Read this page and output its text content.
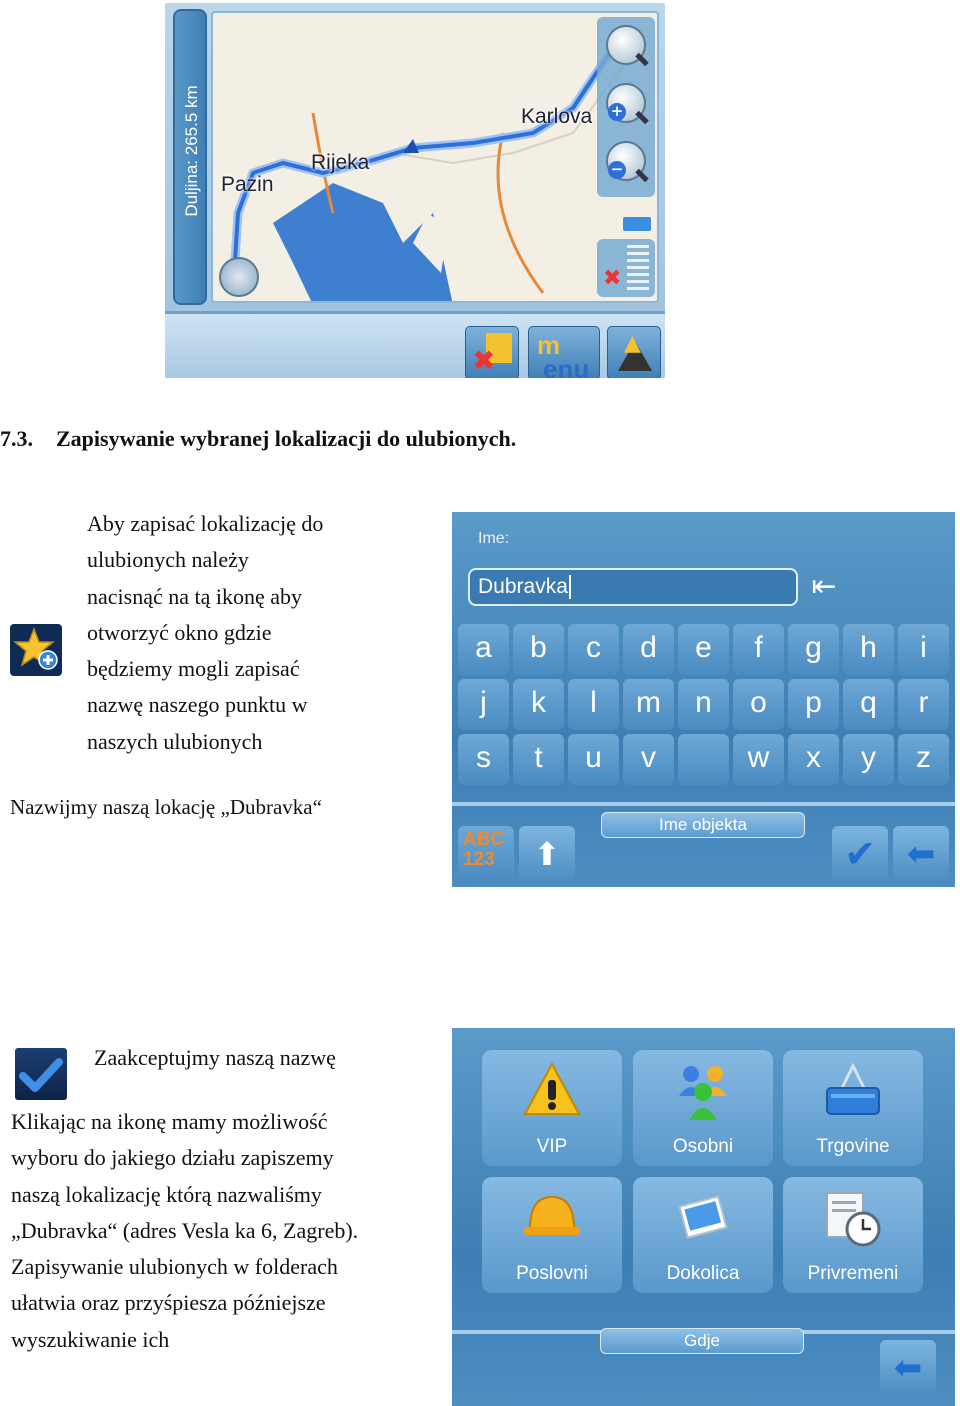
Duljina: 265.5 km	Rijeka
Pazin
Karlova +
−
✖
✖ m
enu
▲
7.3. Zapisywanie wybranej lokalizacji do ulubionych.
Aby zapisać lokalizację do
ulubionych należy
nacisnąć na tą ikonę aby
otworzyć okno gdzie
będziemy mogli zapisać
nazwę naszego punktu w
naszych ulubionych
Nazwijmy naszą lokację „Dubravka“
Ime:
Dubravka	⇤
a	b	c	d	e	f	g	h	i
j	k	l	m	n	o	p	q	r
s	t	u	v	w	x	y	z
Ime objekta
ABC
123	⬆	✔ ⬅
Zaakceptujmy naszą nazwę
Klikając na ikonę mamy możliwość
wyboru do jakiego działu zapiszemy
naszą lokalizację którą nazwaliśmy
„Dubravka“ (adres Vesla ka 6, Zagreb).
Zapisywanie ulubionych w folderach
ułatwia oraz przyśpiesza późniejsze
wyszukiwanie ich
VIP	Osobni	Trgovine
Poslovni	Dokolica	Privremeni
Gdje
⬅
